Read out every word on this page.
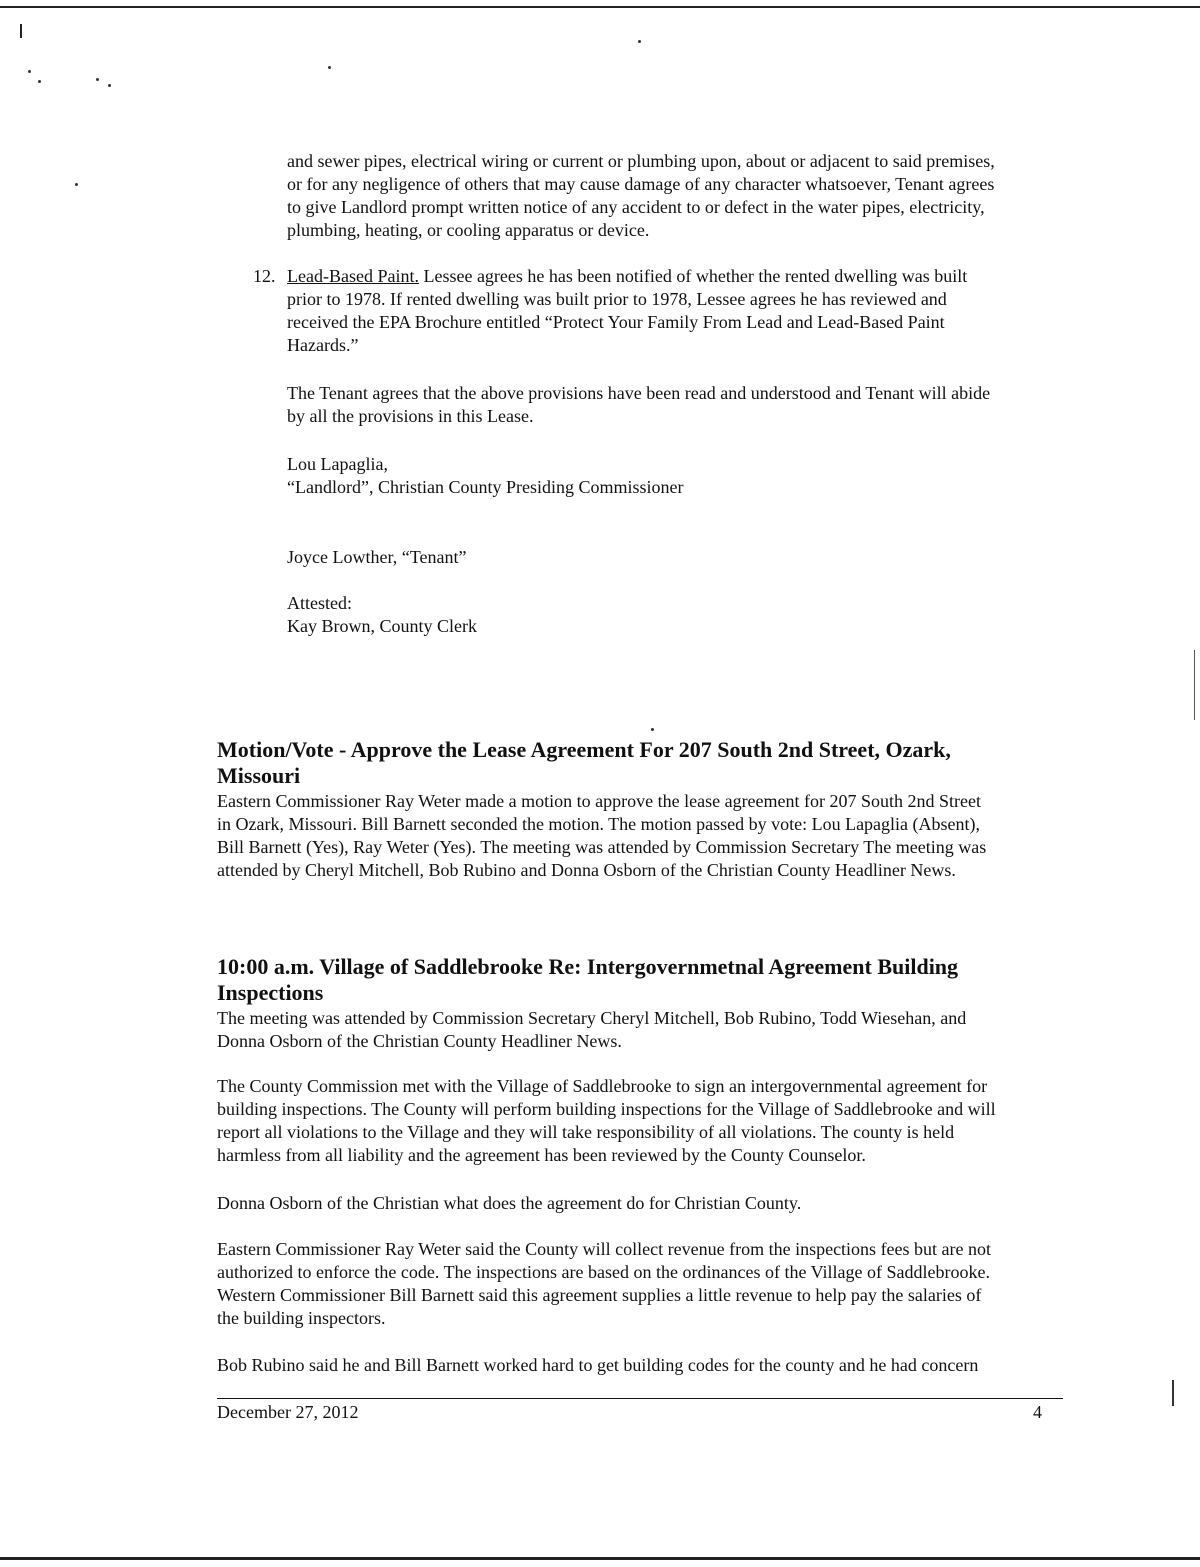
and sewer pipes, electrical wiring or current or plumbing upon, about or adjacent to said premises,

or for any negligence of others that may cause damage of any character whatsoever, Tenant agrees

to give Landlord prompt written notice of any accident to or defect in the water pipes, electricity,

plumbing, heating, or cooling apparatus or device.

12. Lead-Based Paint. Lessee agrees he has been notified of whether the rented dwelling was built

prior to 1978. If rented dwelling was built prior to 1978, Lessee agrees he has reviewed and

received the EPA Brochure entitled “Protect Your Family From Lead and Lead-Based Paint

Hazards.”

The Tenant agrees that the above provisions have been read and understood and Tenant will abide

by all the provisions in this Lease.

Lou Lapaglia,

“Landlord”, Christian County Presiding Commissioner

Joyce Lowther, “Tenant”

Attested:

Kay Brown, County Clerk

Motion/Vote - Approve the Lease Agreement For 207 South 2nd Street, Ozark,
Missouri

Eastern Commissioner Ray Weter made a motion to approve the lease agreement for 207 South 2nd Street

in Ozark, Missouri. Bill Barnett seconded the motion. The motion passed by vote: Lou Lapaglia (Absent),

Bill Barnett (Yes), Ray Weter (Yes). The meeting was attended by Commission Secretary The meeting was

attended by Cheryl Mitchell, Bob Rubino and Donna Osborn of the Christian County Headliner News.

10:00 a.m. Village of Saddlebrooke Re: Intergovernmetnal Agreement Building
Inspections

The meeting was attended by Commission Secretary Cheryl Mitchell, Bob Rubino, Todd Wiesehan, and

Donna Osborn of the Christian County Headliner News.

The County Commission met with the Village of Saddlebrooke to sign an intergovernmental agreement for

building inspections. The County will perform building inspections for the Village of Saddlebrooke and will

report all violations to the Village and they will take responsibility of all violations. The county is held

harmless from all liability and the agreement has been reviewed by the County Counselor.

Donna Osborn of the Christian what does the agreement do for Christian County.

Eastern Commissioner Ray Weter said the County will collect revenue from the inspections fees but are not

authorized to enforce the code. The inspections are based on the ordinances of the Village of Saddlebrooke.

Western Commissioner Bill Barnett said this agreement supplies a little revenue to help pay the salaries of

the building inspectors.

Bob Rubino said he and Bill Barnett worked hard to get building codes for the county and he had concern

December 27, 2012	4
